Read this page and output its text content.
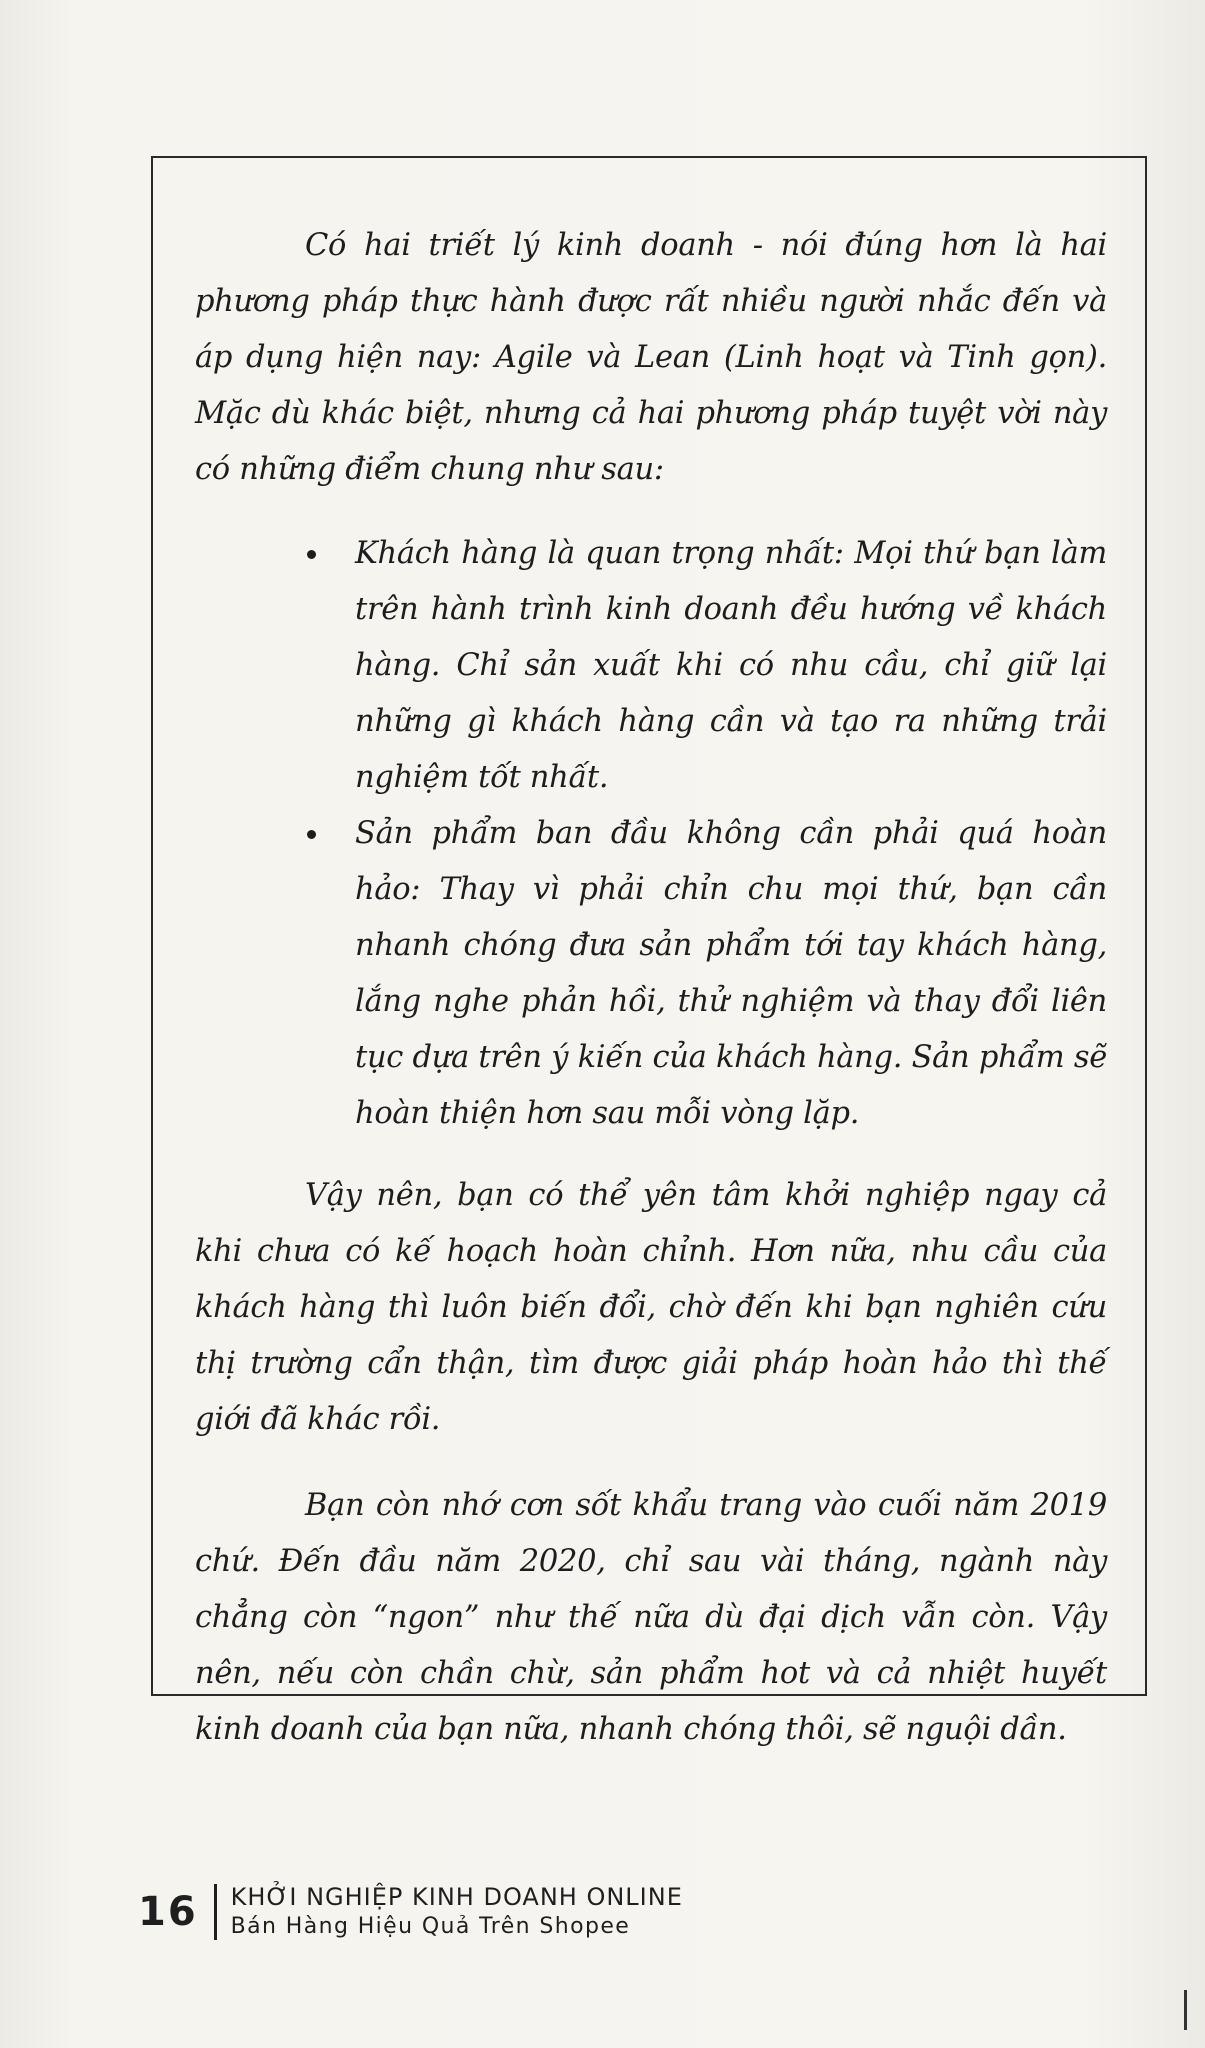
Có hai triết lý kinh doanh - nói đúng hơn là hai phương pháp thực hành được rất nhiều người nhắc đến và áp dụng hiện nay: Agile và Lean (Linh hoạt và Tinh gọn). Mặc dù khác biệt, nhưng cả hai phương pháp tuyệt vời này có những điểm chung như sau:

Khách hàng là quan trọng nhất: Mọi thứ bạn làm trên hành trình kinh doanh đều hướng về khách hàng. Chỉ sản xuất khi có nhu cầu, chỉ giữ lại những gì khách hàng cần và tạo ra những trải nghiệm tốt nhất.
Sản phẩm ban đầu không cần phải quá hoàn hảo: Thay vì phải chỉn chu mọi thứ, bạn cần nhanh chóng đưa sản phẩm tới tay khách hàng, lắng nghe phản hồi, thử nghiệm và thay đổi liên tục dựa trên ý kiến của khách hàng. Sản phẩm sẽ hoàn thiện hơn sau mỗi vòng lặp.

Vậy nên, bạn có thể yên tâm khởi nghiệp ngay cả khi chưa có kế hoạch hoàn chỉnh. Hơn nữa, nhu cầu của khách hàng thì luôn biến đổi, chờ đến khi bạn nghiên cứu thị trường cẩn thận, tìm được giải pháp hoàn hảo thì thế giới đã khác rồi.

Bạn còn nhớ cơn sốt khẩu trang vào cuối năm 2019 chứ. Đến đầu năm 2020, chỉ sau vài tháng, ngành này chẳng còn “ngon” như thế nữa dù đại dịch vẫn còn. Vậy nên, nếu còn chần chừ, sản phẩm hot và cả nhiệt huyết kinh doanh của bạn nữa, nhanh chóng thôi, sẽ nguội dần.

16	KHỞI NGHIỆP KINH DOANH ONLINE
Bán Hàng Hiệu Quả Trên Shopee
